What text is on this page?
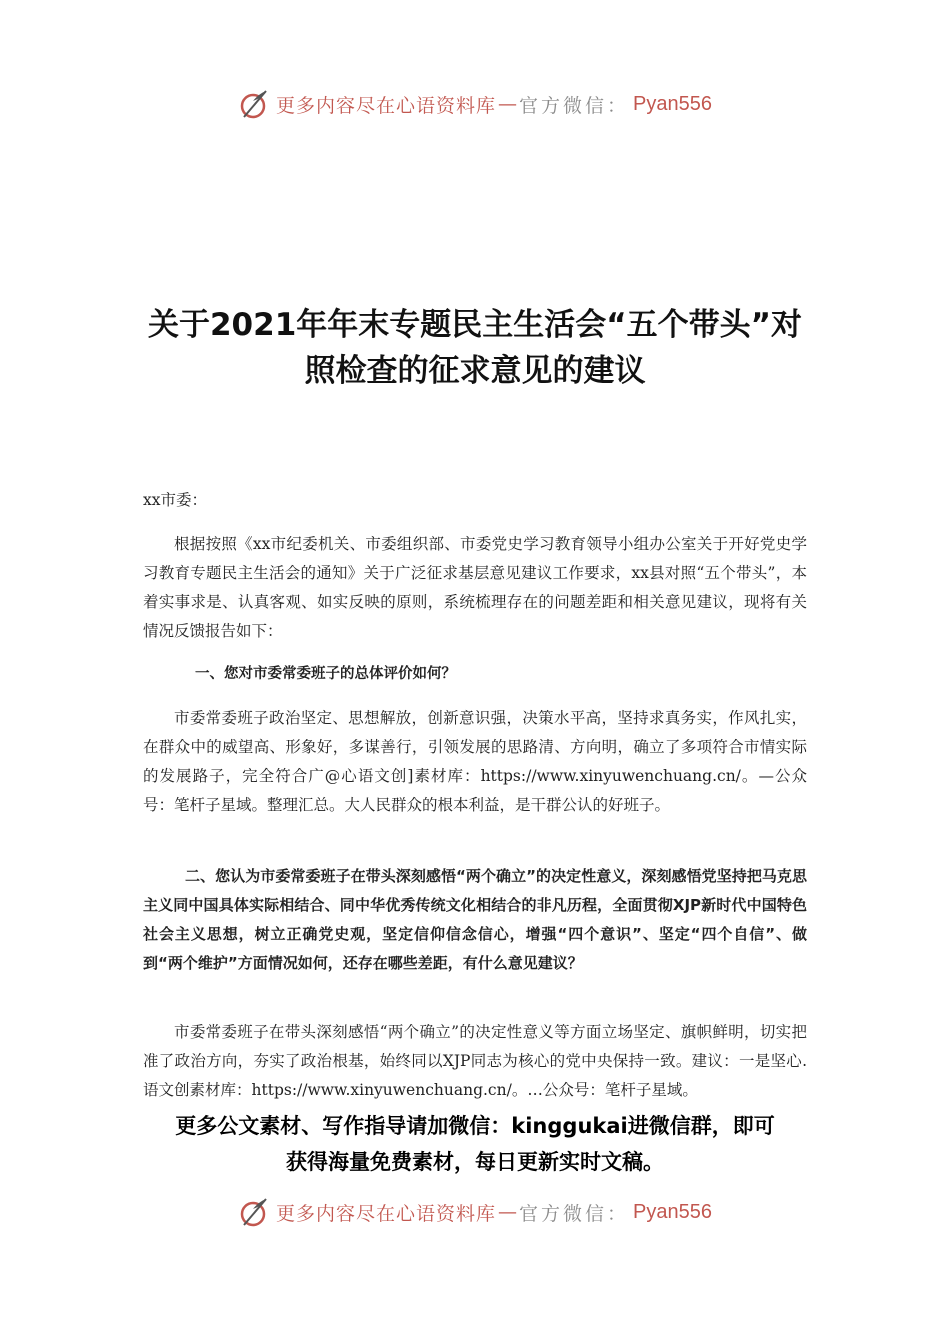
更多内容尽在心语资料库 — 官方微信： Pyan556
关于2021年年末专题民主生活会“五个带头”对照检查的征求意见的建议
xx市委：
根据按照《xx市纪委机关、市委组织部、市委党史学习教育领导小组办公室关于开好党史学习教育专题民主生活会的通知》关于广泛征求基层意见建议工作要求，xx县对照“五个带头”，本着实事求是、认真客观、如实反映的原则，系统梳理存在的问题差距和相关意见建议，现将有关情况反馈报告如下：
一、您对市委常委班子的总体评价如何？
市委常委班子政治坚定、思想解放，创新意识强，决策水平高，坚持求真务实，作风扎实，在群众中的威望高、形象好，多谋善行，引领发展的思路清、方向明，确立了多项符合市情实际的发展路子，完全符合广@心语文创]素材库：https://www.xinyuwenchuang.cn/。—公众号：笔杆子星域。整理汇总。大人民群众的根本利益，是干群公认的好班子。
二、您认为市委常委班子在带头深刻感悟“两个确立”的决定性意义，深刻感悟党坚持把马克思主义同中国具体实际相结合、同中华优秀传统文化相结合的非凡历程，全面贯彻XJP新时代中国特色社会主义思想，树立正确党史观，坚定信仰信念信心，增强“四个意识”、坚定“四个自信”、做到“两个维护”方面情况如何，还存在哪些差距，有什么意见建议？
市委常委班子在带头深刻感悟“两个确立”的决定性意义等方面立场坚定、旗帜鲜明，切实把准了政治方向，夯实了政治根基，始终同以XJP同志为核心的党中央保持一致。建议：一是坚心.语文创素材库：https://www.xinyuwenchuang.cn/。…公众号：笔杆子星域。
更多公文素材、写作指导请加微信：kinggukai进微信群，即可
获得海量免费素材，每日更新实时文稿。
更多内容尽在心语资料库 — 官方微信： Pyan556
